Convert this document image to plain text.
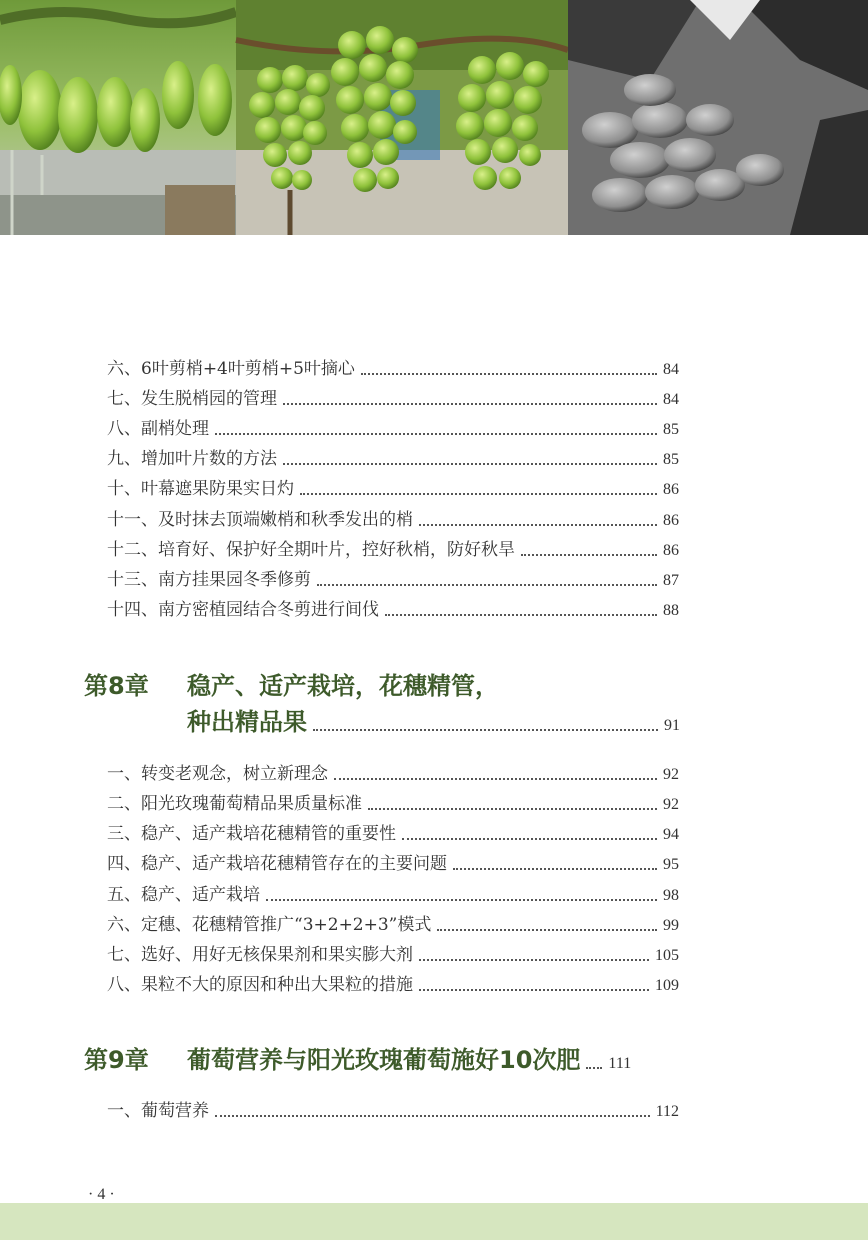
六、6叶剪梢+4叶剪梢+5叶摘心	84
七、发生脱梢园的管理	84
八、副梢处理	85
九、增加叶片数的方法	85
十、叶幕遮果防果实日灼	86
十一、及时抹去顶端嫩梢和秋季发出的梢	86
十二、培育好、保护好全期叶片，控好秋梢，防好秋旱	86
十三、南方挂果园冬季修剪	87
十四、南方密植园结合冬剪进行间伐	88
第8章	稳产、适产栽培，花穗精管，
种出精品果	91
一、转变老观念，树立新理念	92
二、阳光玫瑰葡萄精品果质量标准	92
三、稳产、适产栽培花穗精管的重要性	94
四、稳产、适产栽培花穗精管存在的主要问题	95
五、稳产、适产栽培	98
六、定穗、花穗精管推广“3+2+2+3”模式	99
七、选好、用好无核保果剂和果实膨大剂	105
八、果粒不大的原因和种出大果粒的措施	109
第9章	葡萄营养与阳光玫瑰葡萄施好10次肥 111
一、葡萄营养	112
· 4 ·
